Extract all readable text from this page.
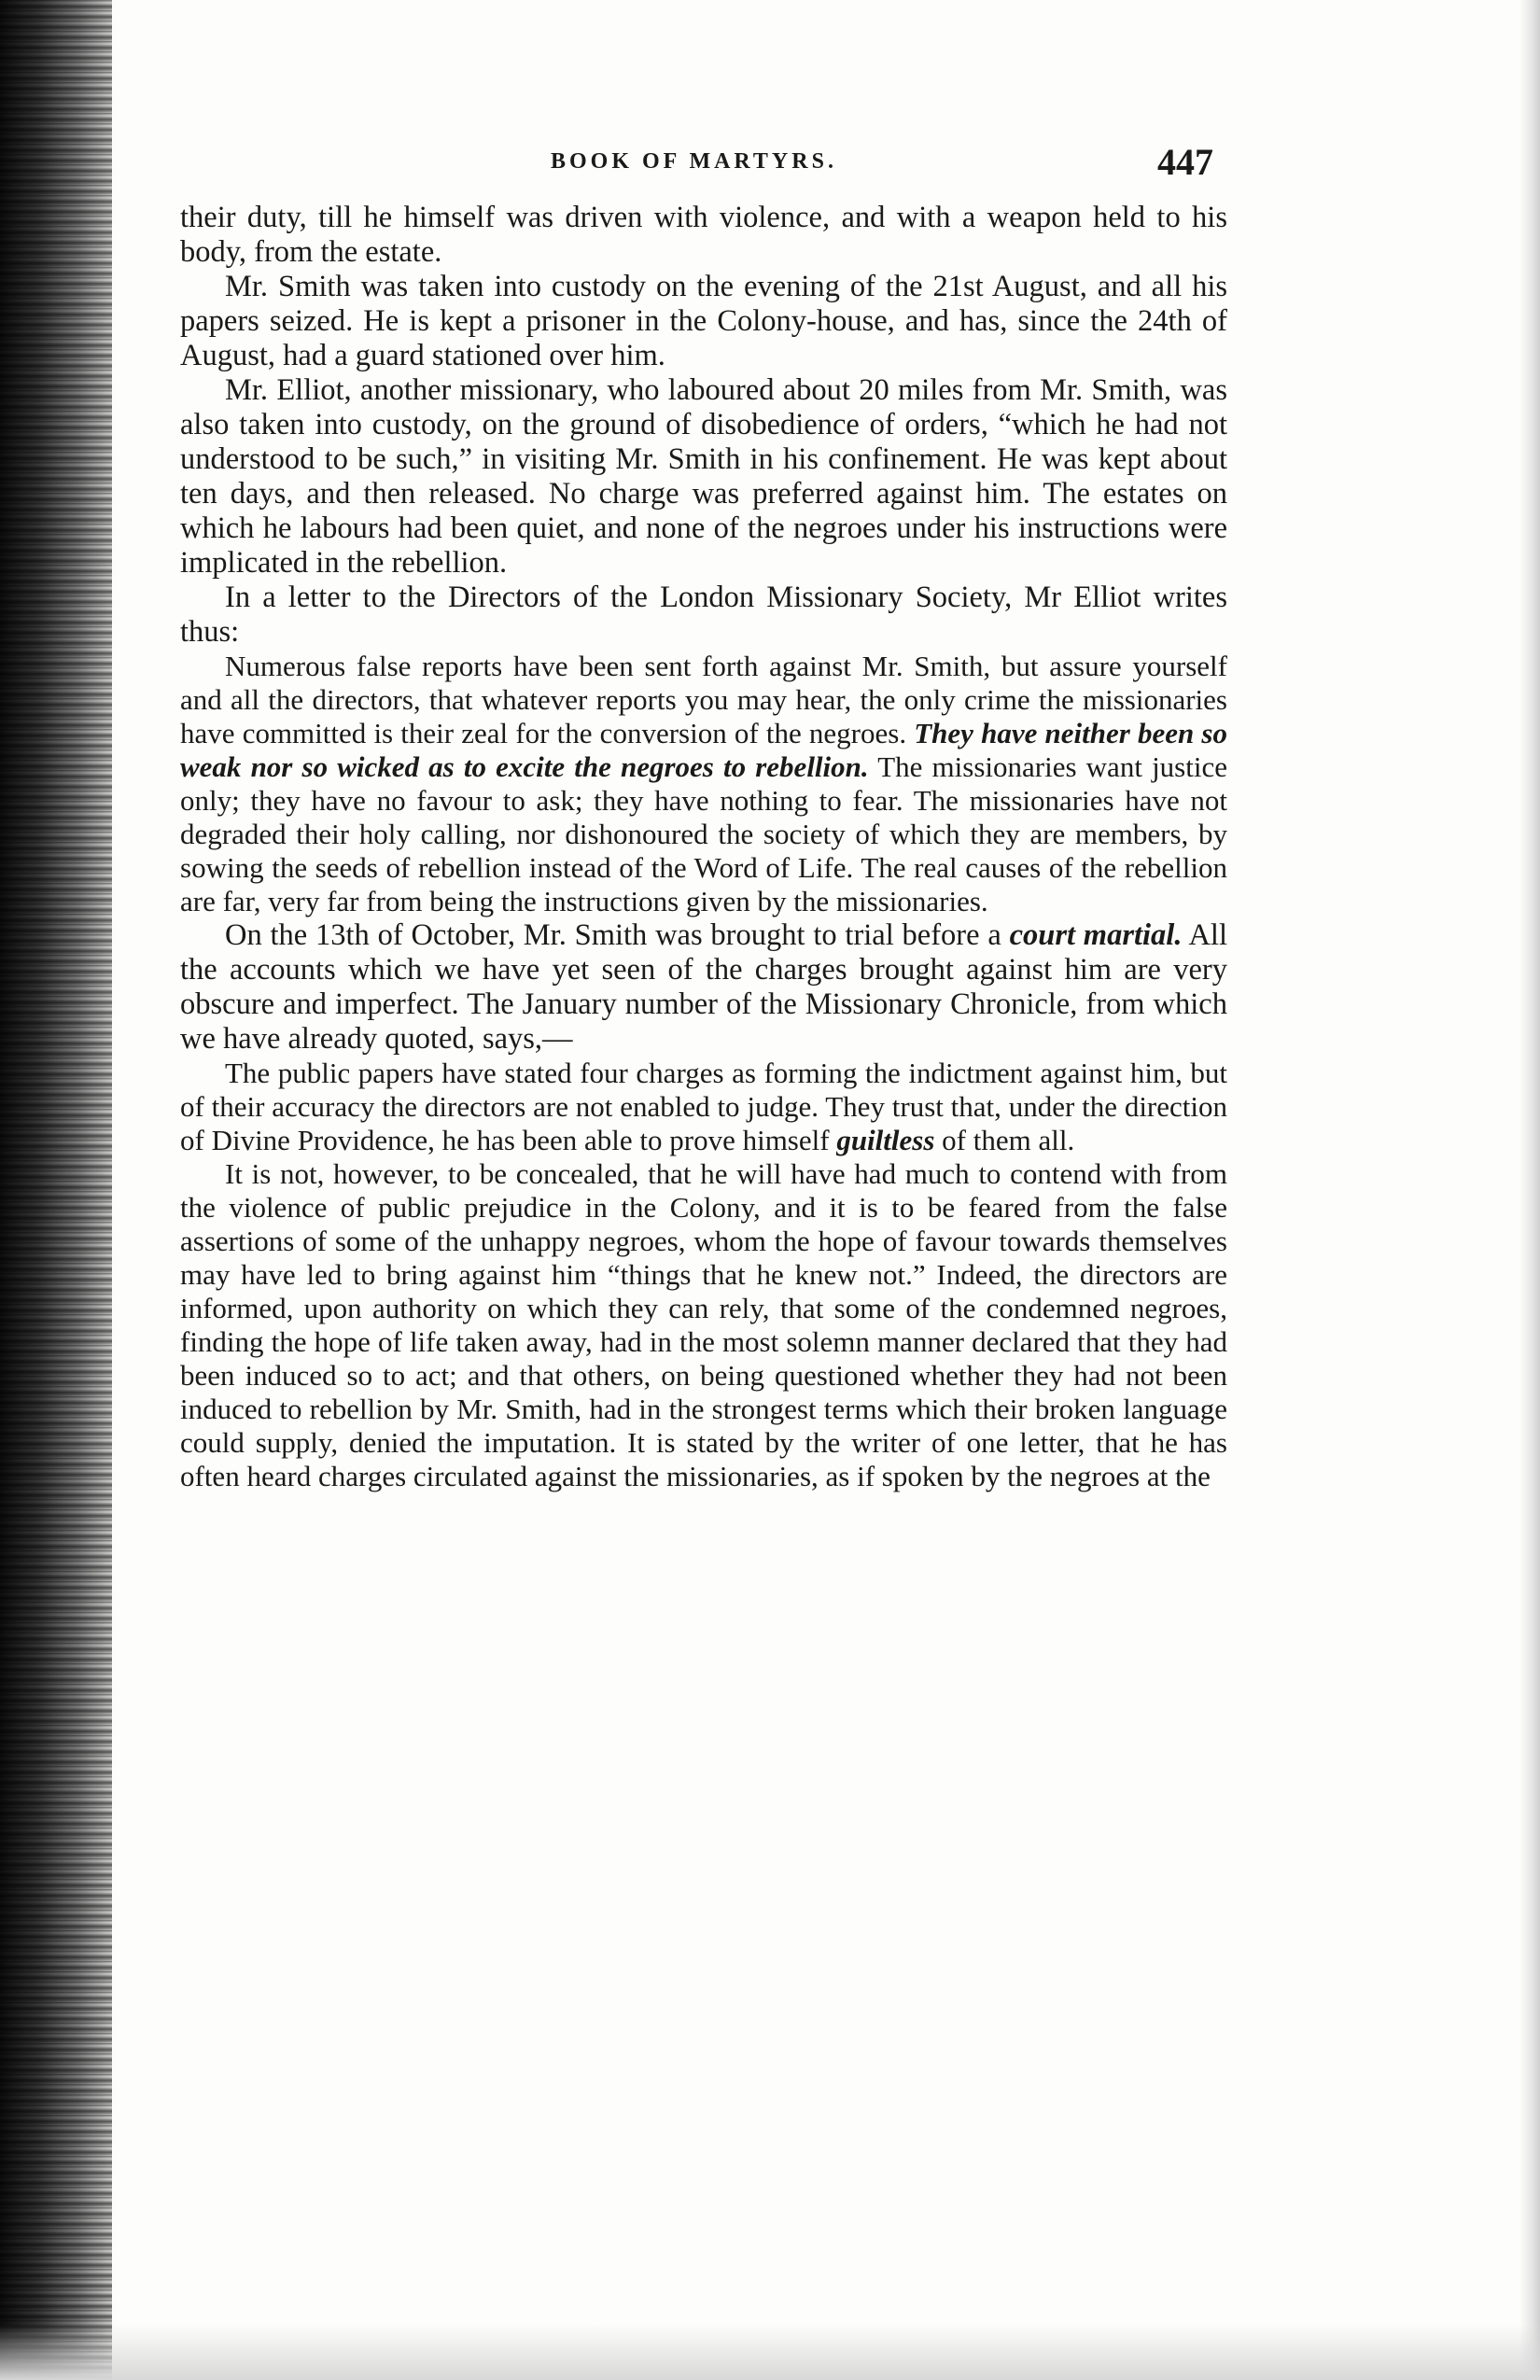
BOOK OF MARTYRS.	447

their duty, till he himself was driven with violence, and with a weapon held to his body, from the estate.

Mr. Smith was taken into custody on the evening of the 21st August, and all his papers seized. He is kept a prisoner in the Colony-house, and has, since the 24th of August, had a guard stationed over him.

Mr. Elliot, another missionary, who laboured about 20 miles from Mr. Smith, was also taken into custody, on the ground of disobedience of orders, “which he had not understood to be such,” in visiting Mr. Smith in his confinement. He was kept about ten days, and then released. No charge was preferred against him. The estates on which he labours had been quiet, and none of the negroes under his instructions were implicated in the rebellion.

In a letter to the Directors of the London Missionary Society, Mr Elliot writes thus:

Numerous false reports have been sent forth against Mr. Smith, but assure yourself and all the directors, that whatever reports you may hear, the only crime the missionaries have committed is their zeal for the conversion of the negroes. They have neither been so weak nor so wicked as to excite the negroes to rebellion. The missionaries want justice only; they have no favour to ask; they have nothing to fear. The missionaries have not degraded their holy calling, nor dishonoured the society of which they are members, by sowing the seeds of rebellion instead of the Word of Life. The real causes of the rebellion are far, very far from being the instructions given by the missionaries.

On the 13th of October, Mr. Smith was brought to trial before a court martial. All the accounts which we have yet seen of the charges brought against him are very obscure and imperfect. The January number of the Missionary Chronicle, from which we have already quoted, says,—

The public papers have stated four charges as forming the indictment against him, but of their accuracy the directors are not enabled to judge. They trust that, under the direction of Divine Providence, he has been able to prove himself guiltless of them all.

It is not, however, to be concealed, that he will have had much to contend with from the violence of public prejudice in the Colony, and it is to be feared from the false assertions of some of the unhappy negroes, whom the hope of favour towards themselves may have led to bring against him “things that he knew not.” Indeed, the directors are informed, upon authority on which they can rely, that some of the condemned negroes, finding the hope of life taken away, had in the most solemn manner declared that they had been induced so to act; and that others, on being questioned whether they had not been induced to rebellion by Mr. Smith, had in the strongest terms which their broken language could supply, denied the imputation. It is stated by the writer of one letter, that he has often heard charges circulated against the missionaries, as if spoken by the negroes at the
